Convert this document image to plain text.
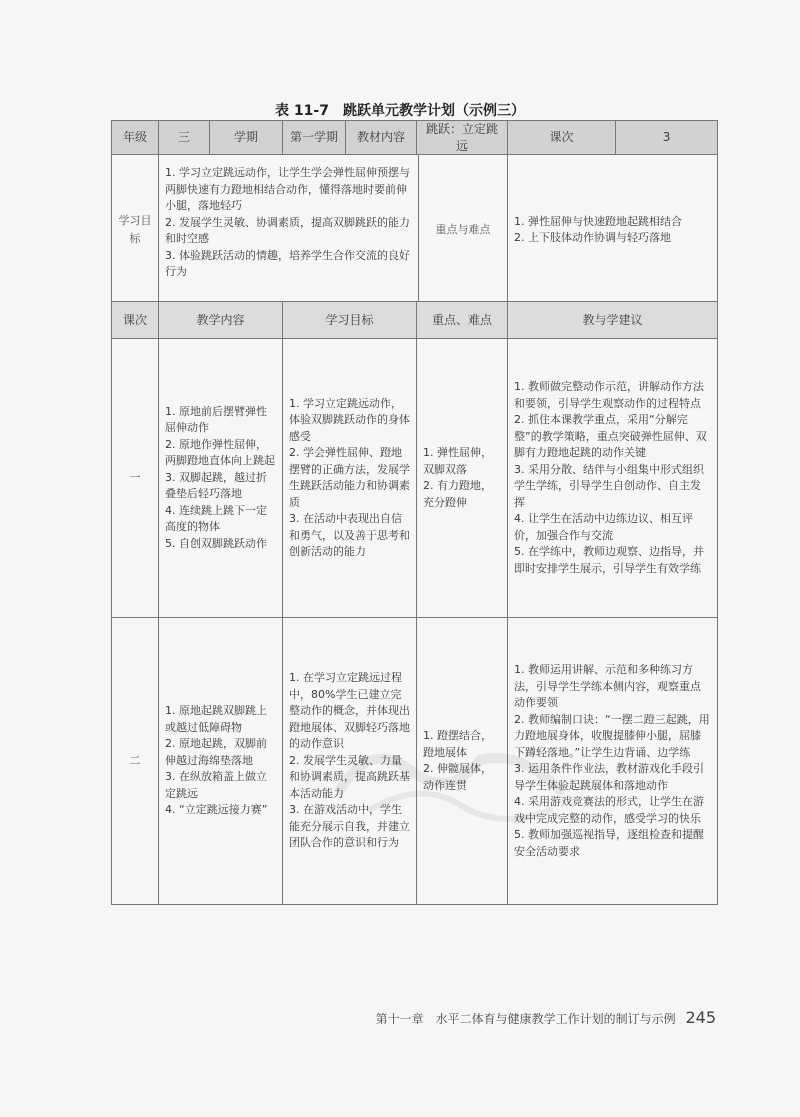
表 11-7　跳跃单元教学计划（示例三）
年级	三	学期	第一学期	教材内容	跳跃：立定跳远		课次	3
学习目标	1. 学习立定跳远动作，让学生学会弹性屈伸预摆与两脚快速有力蹬地相结合动作，懂得落地时要前伸小腿，落地轻巧
2. 发展学生灵敏、协调素质，提高双脚跳跃的能力和时空感
3. 体验跳跃活动的情趣，培养学生合作交流的良好行为					重点与难点	1. 弹性屈伸与快速蹬地起跳相结合
2. 上下肢体动作协调与轻巧落地	

课次	教学内容		学习目标		重点、难点		教与学建议	
一	1. 原地前后摆臂弹性屈伸动作
2. 原地作弹性屈伸，两脚蹬地直体向上跳起
3. 双脚起跳，越过折叠垫后轻巧落地
4. 连续跳上跳下一定高度的物体
5. 自创双脚跳跃动作		1. 学习立定跳远动作，体验双脚跳跃动作的身体感受
2. 学会弹性屈伸、蹬地摆臂的正确方法，发展学生跳跃活动能力和协调素质
3. 在活动中表现出自信和勇气，以及善于思考和创新活动的能力		1. 弹性屈伸，双脚双落
2. 有力蹬地，充分蹬伸		1. 教师做完整动作示范，讲解动作方法和要领，引导学生观察动作的过程特点
2. 抓住本课教学重点，采用“分解完整”的教学策略，重点突破弹性屈伸、双脚有力蹬地起跳的动作关键
3. 采用分散、结伴与小组集中形式组织学生学练，引导学生自创动作、自主发挥
4. 让学生在活动中边练边议、相互评价，加强合作与交流
5. 在学练中，教师边观察、边指导，并即时安排学生展示，引导学生有效学练	

二	1. 原地起跳双脚跳上或越过低障碍物
2. 原地起跳，双脚前伸越过海绵垫落地
3. 在纵放箱盖上做立定跳远
4. “立定跳远接力赛”		1. 在学习立定跳远过程中，80%学生已建立完整动作的概念，并体现出蹬地展体、双脚轻巧落地的动作意识
2. 发展学生灵敏、力量和协调素质，提高跳跃基本活动能力
3. 在游戏活动中，学生能充分展示自我，并建立团队合作的意识和行为		1. 蹬摆结合，蹬地展体
2. 伸髋展体，动作连贯		1. 教师运用讲解、示范和多种练习方法，引导学生学练本侧内容，观察重点动作要领
2. 教师编制口诀：“一摆二蹬三起跳，用力蹬地展身体，收腹提膝伸小腿，屈膝下蹲轻落地。”让学生边背诵、边学练
3. 运用条件作业法，教材游戏化手段引导学生体验起跳展体和落地动作
4. 采用游戏竞赛法的形式，让学生在游戏中完成完整的动作，感受学习的快乐
5. 教师加强巡视指导，逐组检查和提醒安全活动要求	
第十一章　水平二体育与健康教学工作计划的制订与示例 245
